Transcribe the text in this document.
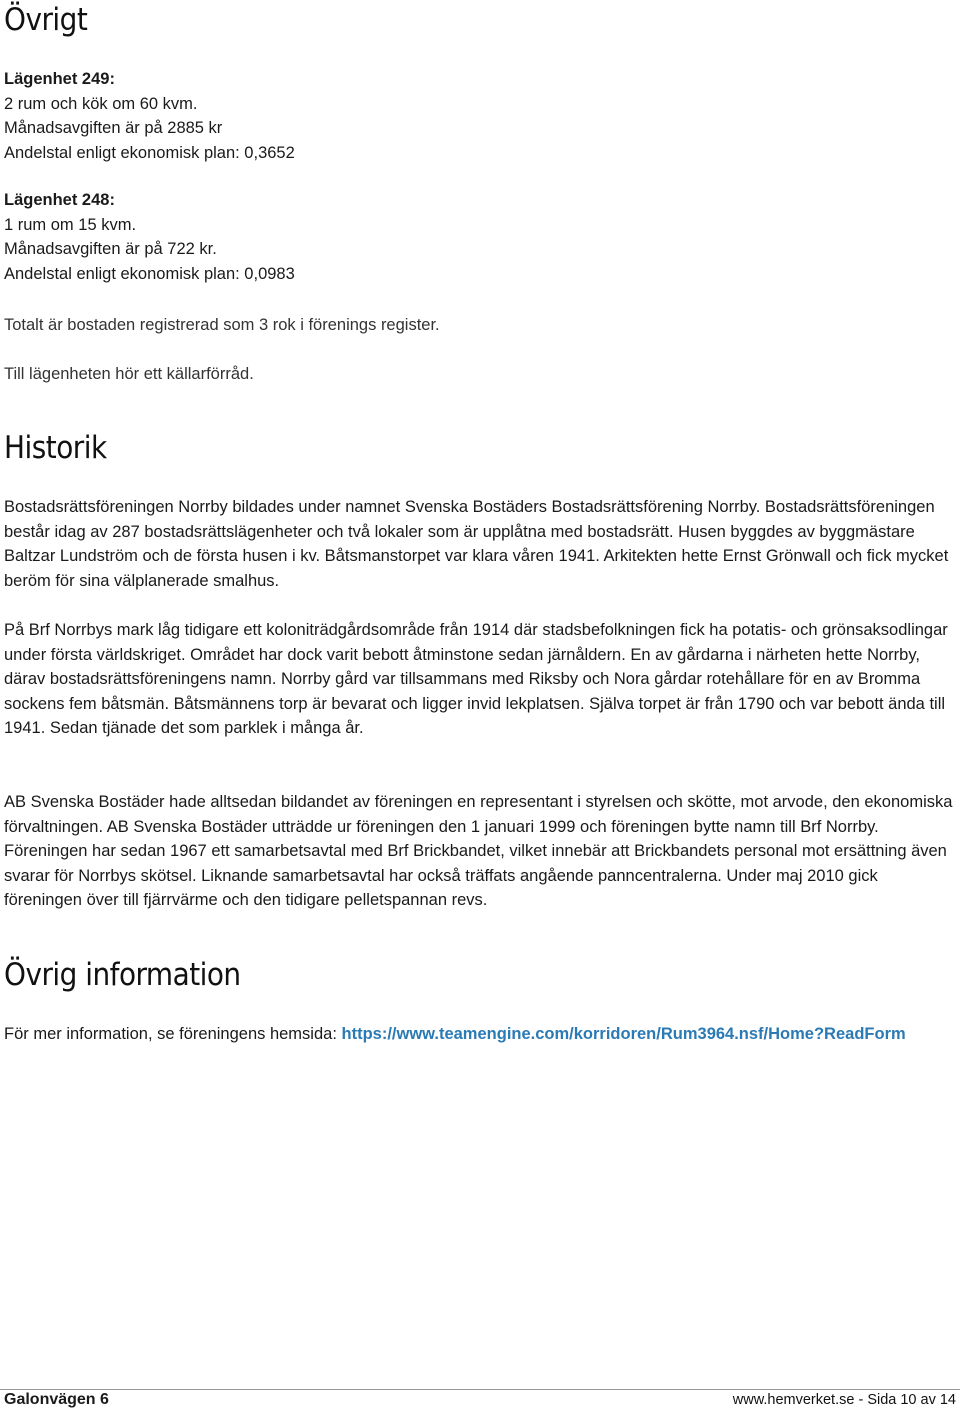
Övrigt

Lägenhet 249:

2 rum och kök om 60 kvm.

Månadsavgiften är på 2885 kr

Andelstal enligt ekonomisk plan: 0,3652

Lägenhet 248:

1 rum om 15 kvm.

Månadsavgiften är på 722 kr.

Andelstal enligt ekonomisk plan: 0,0983

Totalt är bostaden registrerad som 3 rok i förenings register.
Till lägenheten hör ett källarförråd.
Historik
Bostadsrättsföreningen Norrby bildades under namnet Svenska Bostäders Bostadsrättsförening Norrby. Bostadsrättsföreningen består idag av 287 bostadsrättslägenheter och två lokaler som är upplåtna med bostadsrätt. Husen byggdes av byggmästare Baltzar Lundström och de första husen i kv. Båtsmanstorpet var klara våren 1941. Arkitekten hette Ernst Grönwall och fick mycket beröm för sina välplanerade smalhus.
På Brf Norrbys mark låg tidigare ett koloniträdgårdsområde från 1914 där stadsbefolkningen fick ha potatis- och grönsaksodlingar under första världskriget. Området har dock varit bebott åtminstone sedan järnåldern. En av gårdarna i närheten hette Norrby, därav bostadsrättsföreningens namn. Norrby gård var tillsammans med Riksby och Nora gårdar rotehållare för en av Bromma sockens fem båtsmän. Båtsmännens torp är bevarat och ligger invid lekplatsen. Själva torpet är från 1790 och var bebott ända till 1941. Sedan tjänade det som parklek i många år.
AB Svenska Bostäder hade alltsedan bildandet av föreningen en representant i styrelsen och skötte, mot arvode, den ekonomiska förvaltningen. AB Svenska Bostäder utträdde ur föreningen den 1 januari 1999 och föreningen bytte namn till Brf Norrby. Föreningen har sedan 1967 ett samarbetsavtal med Brf Brickbandet, vilket innebär att Brickbandets personal mot ersättning även svarar för Norrbys skötsel. Liknande samarbetsavtal har också träffats angående panncentralerna. Under maj 2010 gick föreningen över till fjärrvärme och den tidigare pelletspannan revs.
Övrig information
För mer information, se föreningens hemsida: https://www.teamengine.com/korridoren/Rum3964.nsf/Home?ReadForm
Galonvägen 6	www.hemverket.se - Sida 10 av 14
